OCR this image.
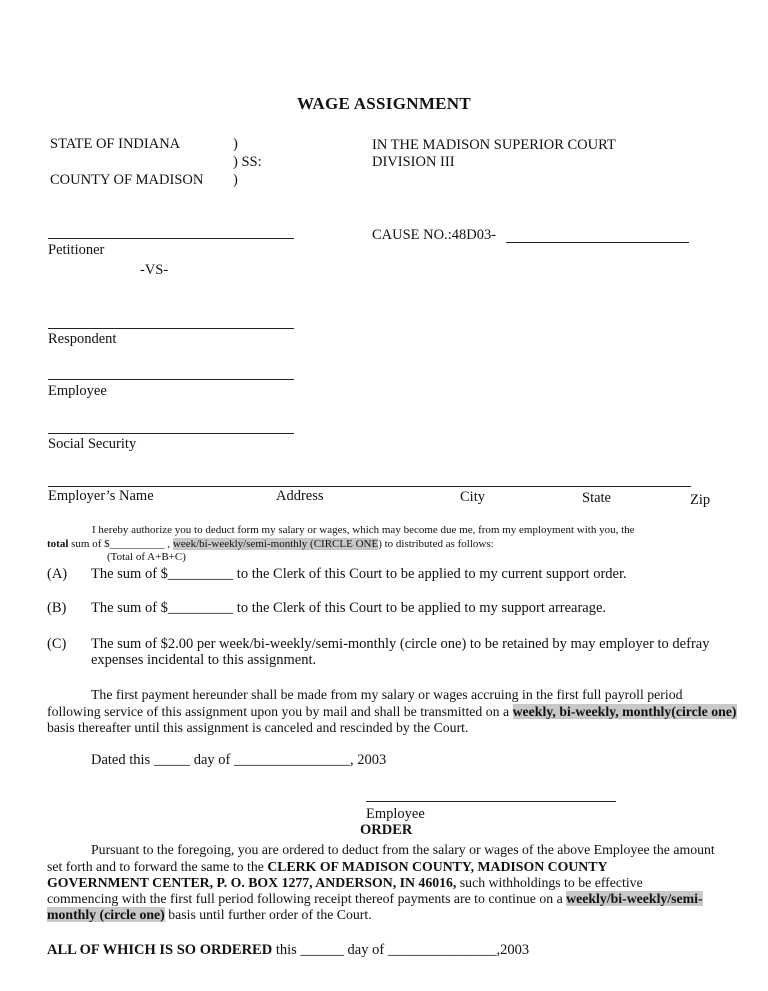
WAGE ASSIGNMENT
STATE OF INDIANA
COUNTY OF MADISON
)
) SS:
)
IN THE MADISON SUPERIOR COURT
DIVISION III
CAUSE NO.:48D03-
Petitioner
-VS-
Respondent
Employee
Social Security
Employer’s Name	Address	City	State	Zip
I hereby authorize you to deduct form my salary or wages, which may become due me, from my employment with you, the
total sum of $__________ , week/bi-weekly/semi-monthly (CIRCLE ONE) to distributed as follows:
(Total of A+B+C)
(A) The sum of $_________ to the Clerk of this Court to be applied to my current support order.
(B) The sum of $_________ to the Clerk of this Court to be applied to my support arrearage.
(C) The sum of $2.00 per week/bi-weekly/semi-monthly (circle one) to be retained by may employer to defray
expenses incidental to this assignment.
The first payment hereunder shall be made from my salary or wages accruing in the first full payroll period
following service of this assignment upon you by mail and shall be transmitted on a weekly, bi-weekly, monthly(circle one)
basis thereafter until this assignment is canceled and rescinded by the Court.
Dated this _____ day of ________________, 2003
Employee
ORDER
Pursuant to the foregoing, you are ordered to deduct from the salary or wages of the above Employee the amount
set forth and to forward the same to the CLERK OF MADISON COUNTY, MADISON COUNTY
GOVERNMENT CENTER, P. O. BOX 1277, ANDERSON, IN 46016, such withholdings to be effective
commencing with the first full period following receipt thereof payments are to continue on a weekly/bi-weekly/semi-
monthly (circle one) basis until further order of the Court.
ALL OF WHICH IS SO ORDERED this ______ day of _______________,2003
